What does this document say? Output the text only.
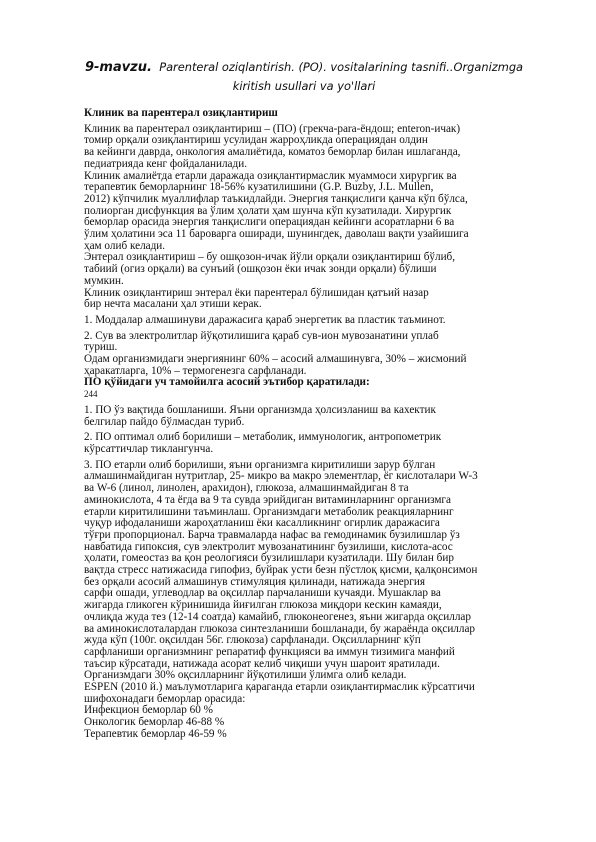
9-mavzu. Parenteral oziqlantirish. (PO). vositalarining tasnifi..Organizmga
kiritish usullari va yo'llari

Клиник ва парентерал озиқлантириш

Клиник ва парентерал озиқлантириш – (ПО) (грекча-para-ёндош; enteron-ичак)

томир орқали озиқлантириш усулидан жарроҳликда операциядан олдин

ва кейинги даврда, онкология амалиётида, коматоз беморлар билан ишлаганда,

педиатрияда кенг фойдаланилади.

Клиник амалиётда етарли даражада озиқлантирмаслик муаммоси хирургик ва

терапевтик беморларнинг 18-56% кузатилишини (G.P. Buzby, J.L. Mullen,

2012) кўпчилик муаллифлар таъкидлайди. Энергия танқислиги қанча кўп бўлса,

полиорган дисфункция ва ўлим ҳолати ҳам шунча кўп кузатилади. Хирургик

беморлар орасида энергия танқислиги операциядан кейинги асоратларни 6 ва

ўлим ҳолатини эса 11 бароварга оширади, шунингдек, даволаш вақти узайишига

ҳам олиб келади.

Энтерал озиқлантириш – бу ошқозон-ичак йўли орқали озиқлантириш бўлиб,

табиий (огиз орқали) ва сунъий (ошқозон ёки ичак зонди орқали) бўлиши

мумкин.

Клиник озиқлантириш энтерал ёки парентерал бўлишидан қатъий назар

бир нечта масалани ҳал этиши керак.

1. Моддалар алмашинуви даражасига қараб энергетик ва пластик таъминот.

2. Сув ва электролитлар йўқотилишига қараб сув-ион мувозанатини уплаб

туриш.

Одам организмидаги энергиянинг 60% – асосий алмашинувга, 30% – жисмоний

ҳаракатларга, 10% – термогенезга сарфланади.

ПО қўйидаги уч тамойилга асосий эътибор қаратилади:

244

1. ПО ўз вақтида бошланиши. Яъни организмда ҳолсизланиш ва кахектик

белгилар пайдо бўлмасдан туриб.

2. ПО оптимал олиб борилиши – метаболик, иммунологик, антропометрик

кўрсаттичлар тиклангунча.

3. ПО етарли олиб борилиши, яъни организмга киритилиши зарур бўлган

алмашинмайдиган нутритлар, 25- микро ва макро элементлар, ёг кислоталари W-3

ва W-6 (линол, линолен, арахидон), глюкоза, алмашинмайдиган 8 та

аминокислота, 4 та ёгда ва 9 та сувда эрийдиган витаминларнинг организмга

етарли киритилишини таъминлаш. Организмдаги метаболик реакцияларнинг

чуқур ифодаланиши жароҳатланиш ёки касалликнинг огирлик даражасига

тўғри пропорционал. Барча травмаларда нафас ва гемодинамик бузилишлар ўз

навбатида гипоксия, сув электролит мувозанатининг бузилиши, кислота-асос

ҳолати, гомеостаз ва қон реологияси бузилишлари кузатилади. Шу билан бир

вақтда стресс натижасида гипофиз, буйрак усти безн пўстлоқ қисми, қалқонсимон

без орқали асосий алмашинув стимуляция қилинади, натижада энергия

сарфи ошади, углеводлар ва оқсиллар парчаланиши кучаяди. Мушаклар ва

жигарда гликоген кўринишида йиғилган глюкоза миқдори кескин камаяди,

очлиқда жуда тез (12-14 соатда) камайиб, глюконеогенез, яъни жигарда оқсиллар

ва аминокислоталардан глюкоза синтезланиши бошланади, бу жараёнда оқсиллар

жуда кўп (100г. оқсилдан 56г. глюкоза) сарфланади. Оқсилларнинг кўп

сарфланиши организмнинг репаратиф функцияси ва иммун тизимига манфий

таъсир кўрсатади, натижада асорат келиб чиқиши учун шароит яратилади.

Организмдаги 30% оқсилларнинг йўқотилиши ўлимга олиб келади.

ESPEN (2010 й.) маълумотларига қараганда етарли озиқлантирмаслик кўрсатгичи

шифохонадаги беморлар орасида:

Инфекцион беморлар 60 %

Онкологик беморлар 46-88 %

Терапевтик беморлар 46-59 %
